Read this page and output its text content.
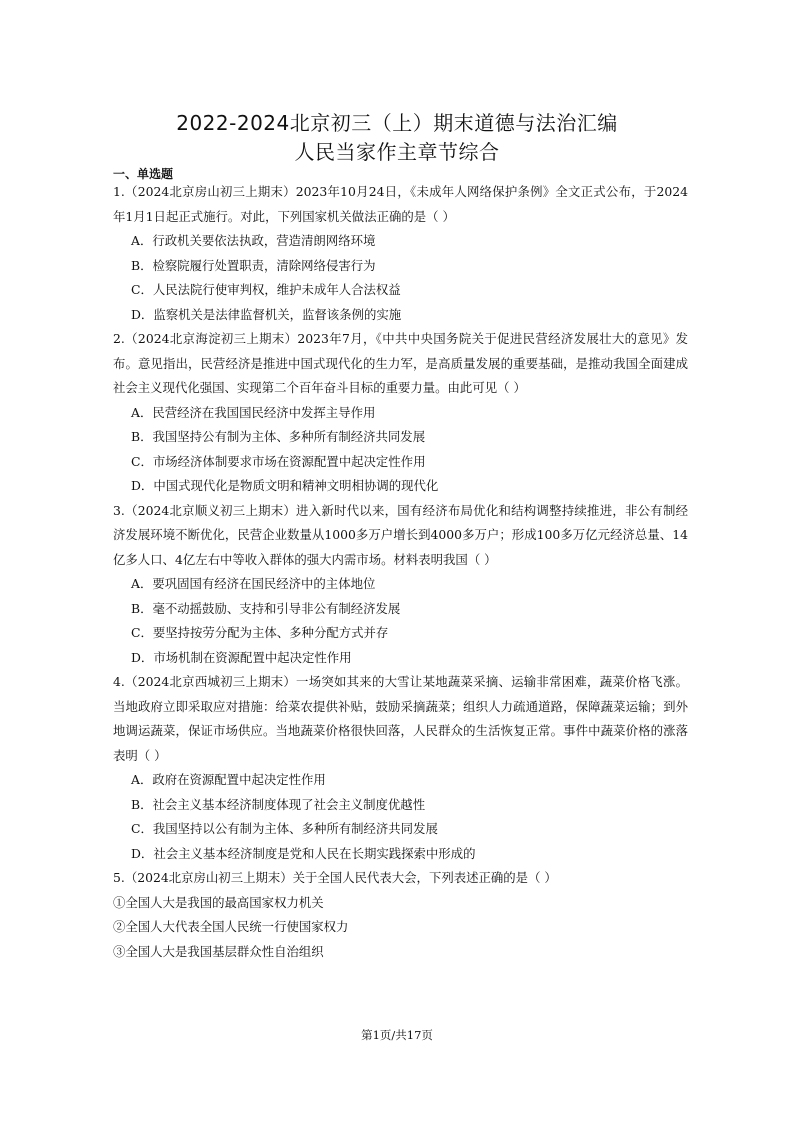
2022-2024北京初三（上）期末道德与法治汇编
人民当家作主章节综合

一、单选题

1.（2024北京房山初三上期末）2023年10月24日，《未成年人网络保护条例》全文正式公布，于2024年1月1日起正式施行。对此，下列国家机关做法正确的是（ ）

A．行政机关要依法执政，营造清朗网络环境

B．检察院履行处置职责，清除网络侵害行为

C．人民法院行使审判权，维护未成年人合法权益

D．监察机关是法律监督机关，监督该条例的实施

2.（2024北京海淀初三上期末）2023年7月，《中共中央国务院关于促进民营经济发展壮大的意见》发布。意见指出，民营经济是推进中国式现代化的生力军，是高质量发展的重要基础，是推动我国全面建成社会主义现代化强国、实现第二个百年奋斗目标的重要力量。由此可见（ ）

A．民营经济在我国国民经济中发挥主导作用

B．我国坚持公有制为主体、多种所有制经济共同发展

C．市场经济体制要求市场在资源配置中起决定性作用

D．中国式现代化是物质文明和精神文明相协调的现代化

3.（2024北京顺义初三上期末）进入新时代以来，国有经济布局优化和结构调整持续推进，非公有制经济发展环境不断优化，民营企业数量从1000多万户增长到4000多万户；形成100多万亿元经济总量、14亿多人口、4亿左右中等收入群体的强大内需市场。材料表明我国（ ）

A．要巩固国有经济在国民经济中的主体地位

B．毫不动摇鼓励、支持和引导非公有制经济发展

C．要坚持按劳分配为主体、多种分配方式并存

D．市场机制在资源配置中起决定性作用

4.（2024北京西城初三上期末）一场突如其来的大雪让某地蔬菜采摘、运输非常困难，蔬菜价格飞涨。当地政府立即采取应对措施：给菜农提供补贴，鼓励采摘蔬菜；组织人力疏通道路，保障蔬菜运输；到外地调运蔬菜，保证市场供应。当地蔬菜价格很快回落，人民群众的生活恢复正常。事件中蔬菜价格的涨落表明（ ）

A．政府在资源配置中起决定性作用

B．社会主义基本经济制度体现了社会主义制度优越性

C．我国坚持以公有制为主体、多种所有制经济共同发展

D．社会主义基本经济制度是党和人民在长期实践探索中形成的

5.（2024北京房山初三上期末）关于全国人民代表大会，下列表述正确的是（ ）

①全国人大是我国的最高国家权力机关

②全国人大代表全国人民统一行使国家权力

③全国人大是我国基层群众性自治组织

第1页/共17页
